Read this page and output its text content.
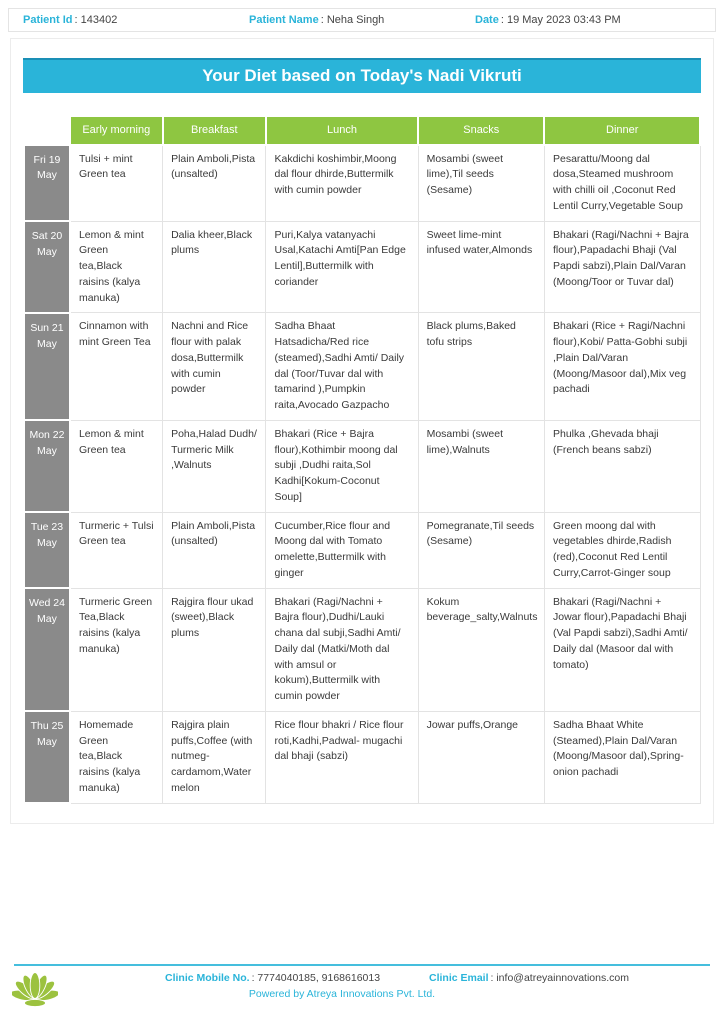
Patient Id : 143402	Patient Name : Neha Singh	Date : 19 May 2023 03:43 PM
Your Diet based on Today's Nadi Vikruti
	Early morning	Breakfast	Lunch	Snacks	Dinner
Fri 19 May	Tulsi + mint Green tea	Plain Amboli,Pista (unsalted)	Kakdichi koshimbir,Moong dal flour dhirde,Buttermilk with cumin powder	Mosambi (sweet lime),Til seeds (Sesame)	Pesarattu/Moong dal dosa,Steamed mushroom with chilli oil ,Coconut Red Lentil Curry,Vegetable Soup
Sat 20 May	Lemon & mint Green tea,Black raisins (kalya manuka)	Dalia kheer,Black plums	Puri,Kalya vatanyachi Usal,Katachi Amti[Pan Edge Lentil],Buttermilk with coriander	Sweet lime-mint infused water,Almonds	Bhakari (Ragi/Nachni + Bajra flour),Papadachi Bhaji (Val Papdi sabzi),Plain Dal/Varan (Moong/Toor or Tuvar dal)
Sun 21 May	Cinnamon with mint Green Tea	Nachni and Rice flour with palak dosa,Buttermilk with cumin powder	Sadha Bhaat Hatsadicha/Red rice (steamed),Sadhi Amti/ Daily dal (Toor/Tuvar dal with tamarind ),Pumpkin raita,Avocado Gazpacho	Black plums,Baked tofu strips	Bhakari (Rice + Ragi/Nachni flour),Kobi/ Patta-Gobhi subji ,Plain Dal/Varan (Moong/Masoor dal),Mix veg pachadi
Mon 22 May	Lemon & mint Green tea	Poha,Halad Dudh/ Turmeric Milk ,Walnuts	Bhakari (Rice + Bajra flour),Kothimbir moong dal subji ,Dudhi raita,Sol Kadhi[Kokum-Coconut Soup]	Mosambi (sweet lime),Walnuts	Phulka ,Ghevada bhaji (French beans sabzi)
Tue 23 May	Turmeric + Tulsi Green tea	Plain Amboli,Pista (unsalted)	Cucumber,Rice flour and Moong dal with Tomato omelette,Buttermilk with ginger	Pomegranate,Til seeds (Sesame)	Green moong dal with vegetables dhirde,Radish (red),Coconut Red Lentil Curry,Carrot-Ginger soup
Wed 24 May	Turmeric Green Tea,Black raisins (kalya manuka)	Rajgira flour ukad (sweet),Black plums	Bhakari (Ragi/Nachni + Bajra flour),Dudhi/Lauki chana dal subji,Sadhi Amti/ Daily dal (Matki/Moth dal with amsul or kokum),Buttermilk with cumin powder	Kokum beverage_salty,Walnuts	Bhakari (Ragi/Nachni + Jowar flour),Papadachi Bhaji (Val Papdi sabzi),Sadhi Amti/ Daily dal (Masoor dal with tomato)
Thu 25 May	Homemade Green tea,Black raisins (kalya manuka)	Rajgira plain puffs,Coffee (with nutmeg-cardamom,Water melon	Rice flour bhakri / Rice flour roti,Kadhi,Padwal- mugachi dal bhaji (sabzi)	Jowar puffs,Orange	Sadha Bhaat White (Steamed),Plain Dal/Varan (Moong/Masoor dal),Spring-onion pachadi
Clinic Mobile No. : 7774040185, 9168616013	Clinic Email : info@atreyainnovations.com
Powered by Atreya Innovations Pvt. Ltd.
